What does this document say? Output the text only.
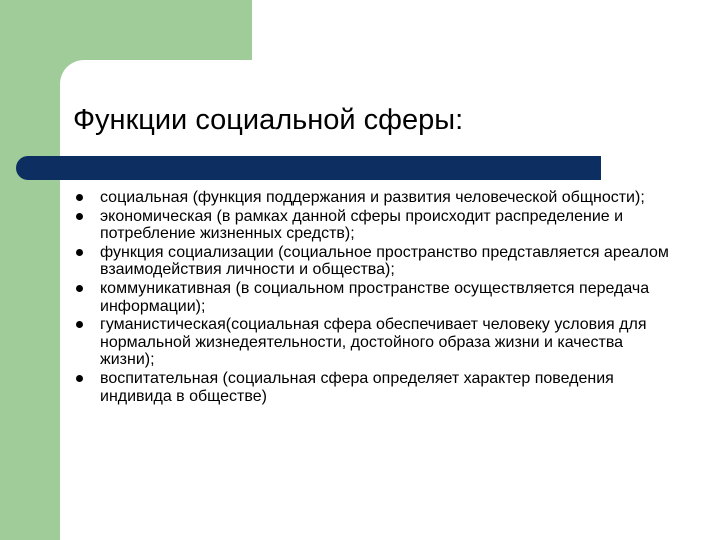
Функции социальной сферы:
социальная (функция поддержания и развития человеческой общности);
экономическая (в рамках данной сферы происходит распределение и потребление жизненных средств);
функция социализации (социальное пространство представляется ареалом взаимодействия личности и общества);
коммуникативная (в социальном пространстве осуществляется передача информации);
гуманистическая(социальная сфера обеспечивает человеку условия для нормальной жизнедеятельности, достойного образа жизни и качества жизни);
воспитательная (социальная сфера определяет характер поведения индивида в обществе)
